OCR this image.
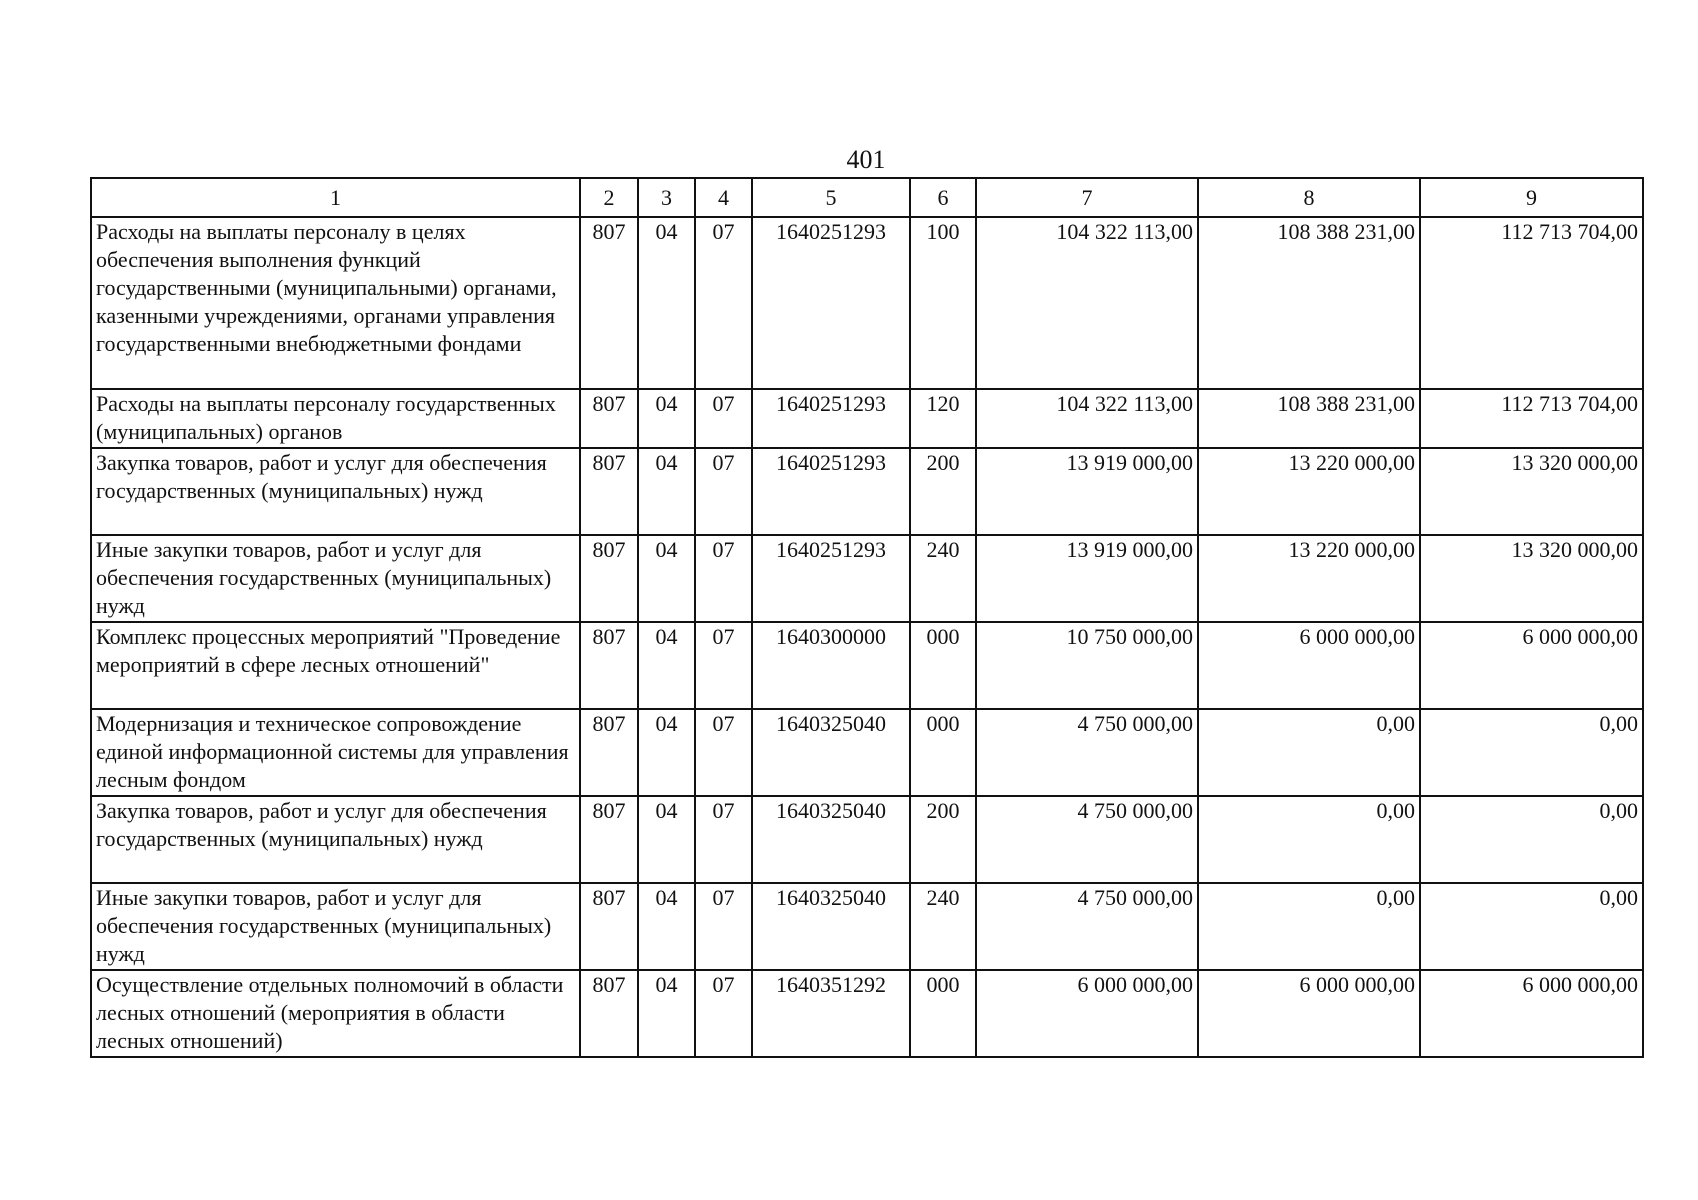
401
1	2	3	4	5	6	7	8	9
Расходы на выплаты персоналу в целях обеспечения выполнения функций государственными (муниципальными) органами, казенными учреждениями, органами управления государственными внебюджетными фондами	807	04	07	1640251293	100	104 322 113,00	108 388 231,00	112 713 704,00
Расходы на выплаты персоналу государственных (муниципальных) органов	807	04	07	1640251293	120	104 322 113,00	108 388 231,00	112 713 704,00
Закупка товаров, работ и услуг для обеспечения государственных (муниципальных) нужд	807	04	07	1640251293	200	13 919 000,00	13 220 000,00	13 320 000,00
Иные закупки товаров, работ и услуг для обеспечения государственных (муниципальных) нужд	807	04	07	1640251293	240	13 919 000,00	13 220 000,00	13 320 000,00
Комплекс процессных мероприятий "Проведение мероприятий в сфере лесных отношений"	807	04	07	1640300000	000	10 750 000,00	6 000 000,00	6 000 000,00
Модернизация и техническое сопровождение единой информационной системы для управления лесным фондом	807	04	07	1640325040	000	4 750 000,00	0,00	0,00
Закупка товаров, работ и услуг для обеспечения государственных (муниципальных) нужд	807	04	07	1640325040	200	4 750 000,00	0,00	0,00
Иные закупки товаров, работ и услуг для обеспечения государственных (муниципальных) нужд	807	04	07	1640325040	240	4 750 000,00	0,00	0,00
Осуществление отдельных полномочий в области лесных отношений (мероприятия в области лесных отношений)	807	04	07	1640351292	000	6 000 000,00	6 000 000,00	6 000 000,00
